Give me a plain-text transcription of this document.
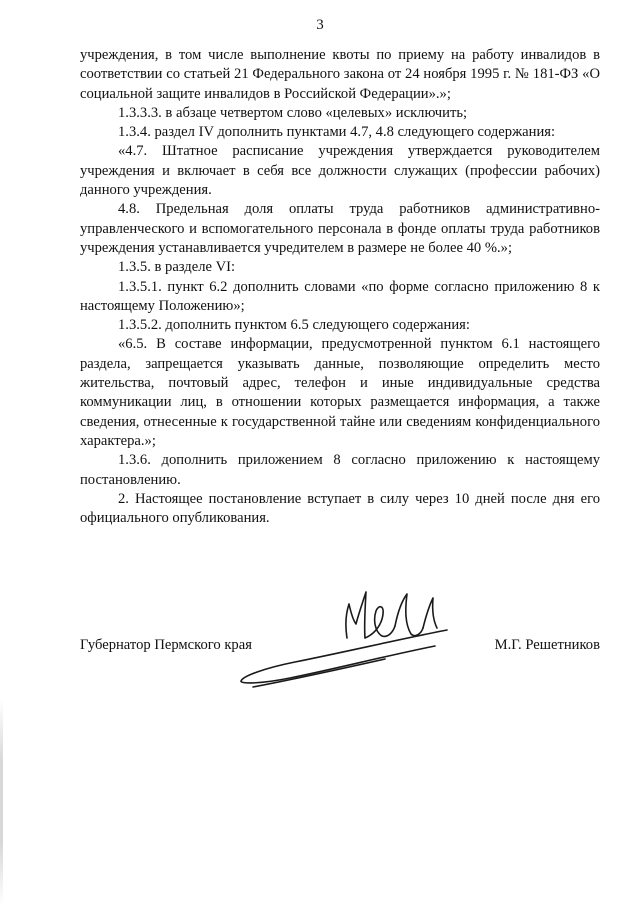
3

учреждения, в том числе выполнение квоты по приему на работу инвалидов в соответствии со статьей 21 Федерального закона от 24 ноября 1995 г. № 181-ФЗ «О социальной защите инвалидов в Российской Федерации».»;

1.3.3.3. в абзаце четвертом слово «целевых» исключить;

1.3.4. раздел IV дополнить пунктами 4.7, 4.8 следующего содержания:

«4.7. Штатное расписание учреждения утверждается руководителем учреждения и включает в себя все должности служащих (профессии рабочих) данного учреждения.

4.8. Предельная доля оплаты труда работников административно-управленческого и вспомогательного персонала в фонде оплаты труда работников учреждения устанавливается учредителем в размере не более 40 %.»;

1.3.5. в разделе VI:

1.3.5.1. пункт 6.2 дополнить словами «по форме согласно приложению 8 к настоящему Положению»;

1.3.5.2. дополнить пунктом 6.5 следующего содержания:

«6.5. В составе информации, предусмотренной пунктом 6.1 настоящего раздела, запрещается указывать данные, позволяющие определить место жительства, почтовый адрес, телефон и иные индивидуальные средства коммуникации лиц, в отношении которых размещается информация, а также сведения, отнесенные к государственной тайне или сведениям конфиденциального характера.»;

1.3.6. дополнить приложением 8 согласно приложению к настоящему постановлению.

2. Настоящее постановление вступает в силу через 10 дней после дня его официального опубликования.

Губернатор Пермского края	М.Г. Решетников
